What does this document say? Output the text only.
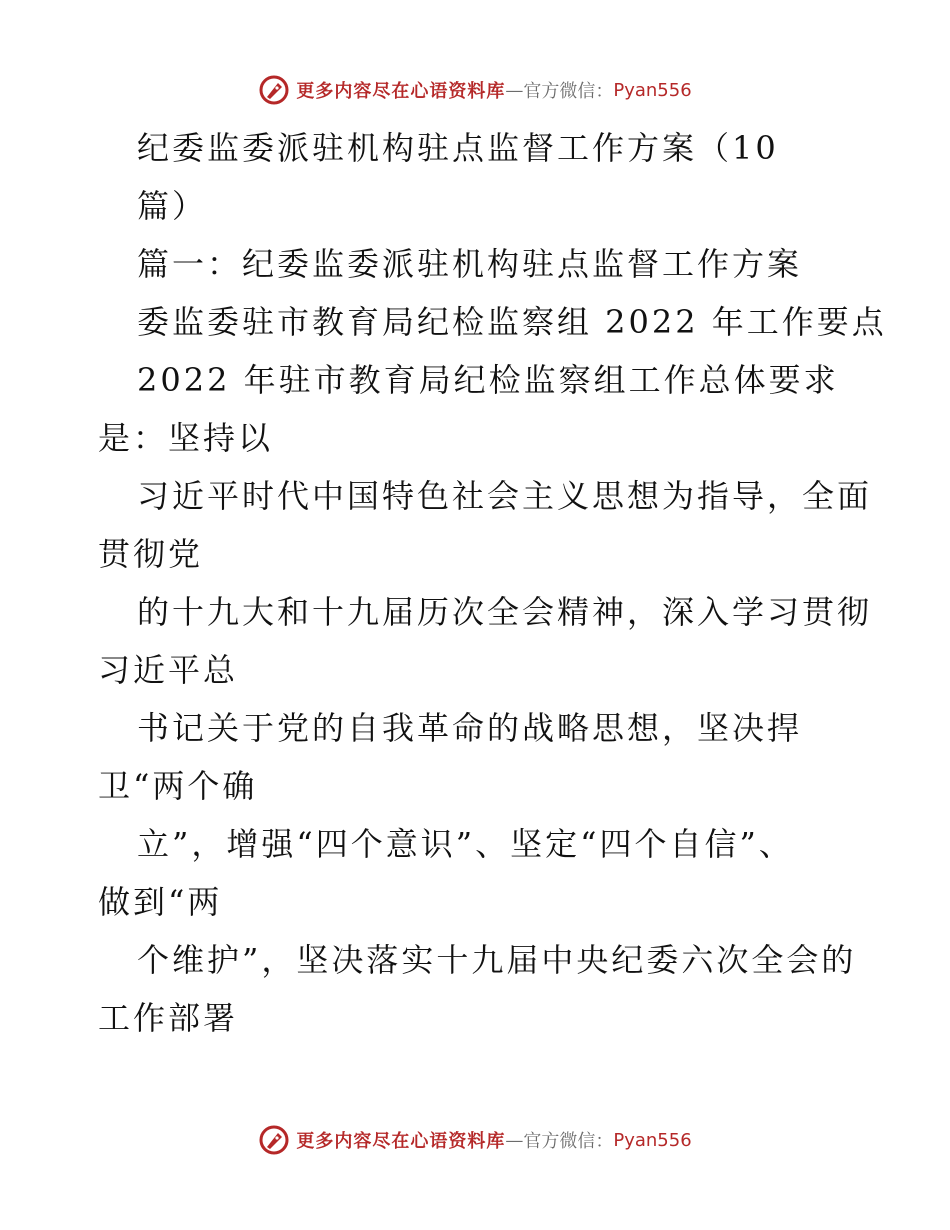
更多内容尽在心语资料库 — 官方微信： Pyan556
纪委监委派驻机构驻点监督工作方案（10
篇）
篇一：纪委监委派驻机构驻点监督工作方案
委监委驻市教育局纪检监察组 2022 年工作要点
2022 年驻市教育局纪检监察组工作总体要求
是：坚持以
习近平时代中国特色社会主义思想为指导，全面
贯彻党
的十九大和十九届历次全会精神，深入学习贯彻
习近平总
书记关于党的自我革命的战略思想，坚决捍
卫“两个确
立”，增强“四个意识”、坚定“四个自信”、
做到“两
个维护”，坚决落实十九届中央纪委六次全会的
工作部署
更多内容尽在心语资料库 — 官方微信： Pyan556
